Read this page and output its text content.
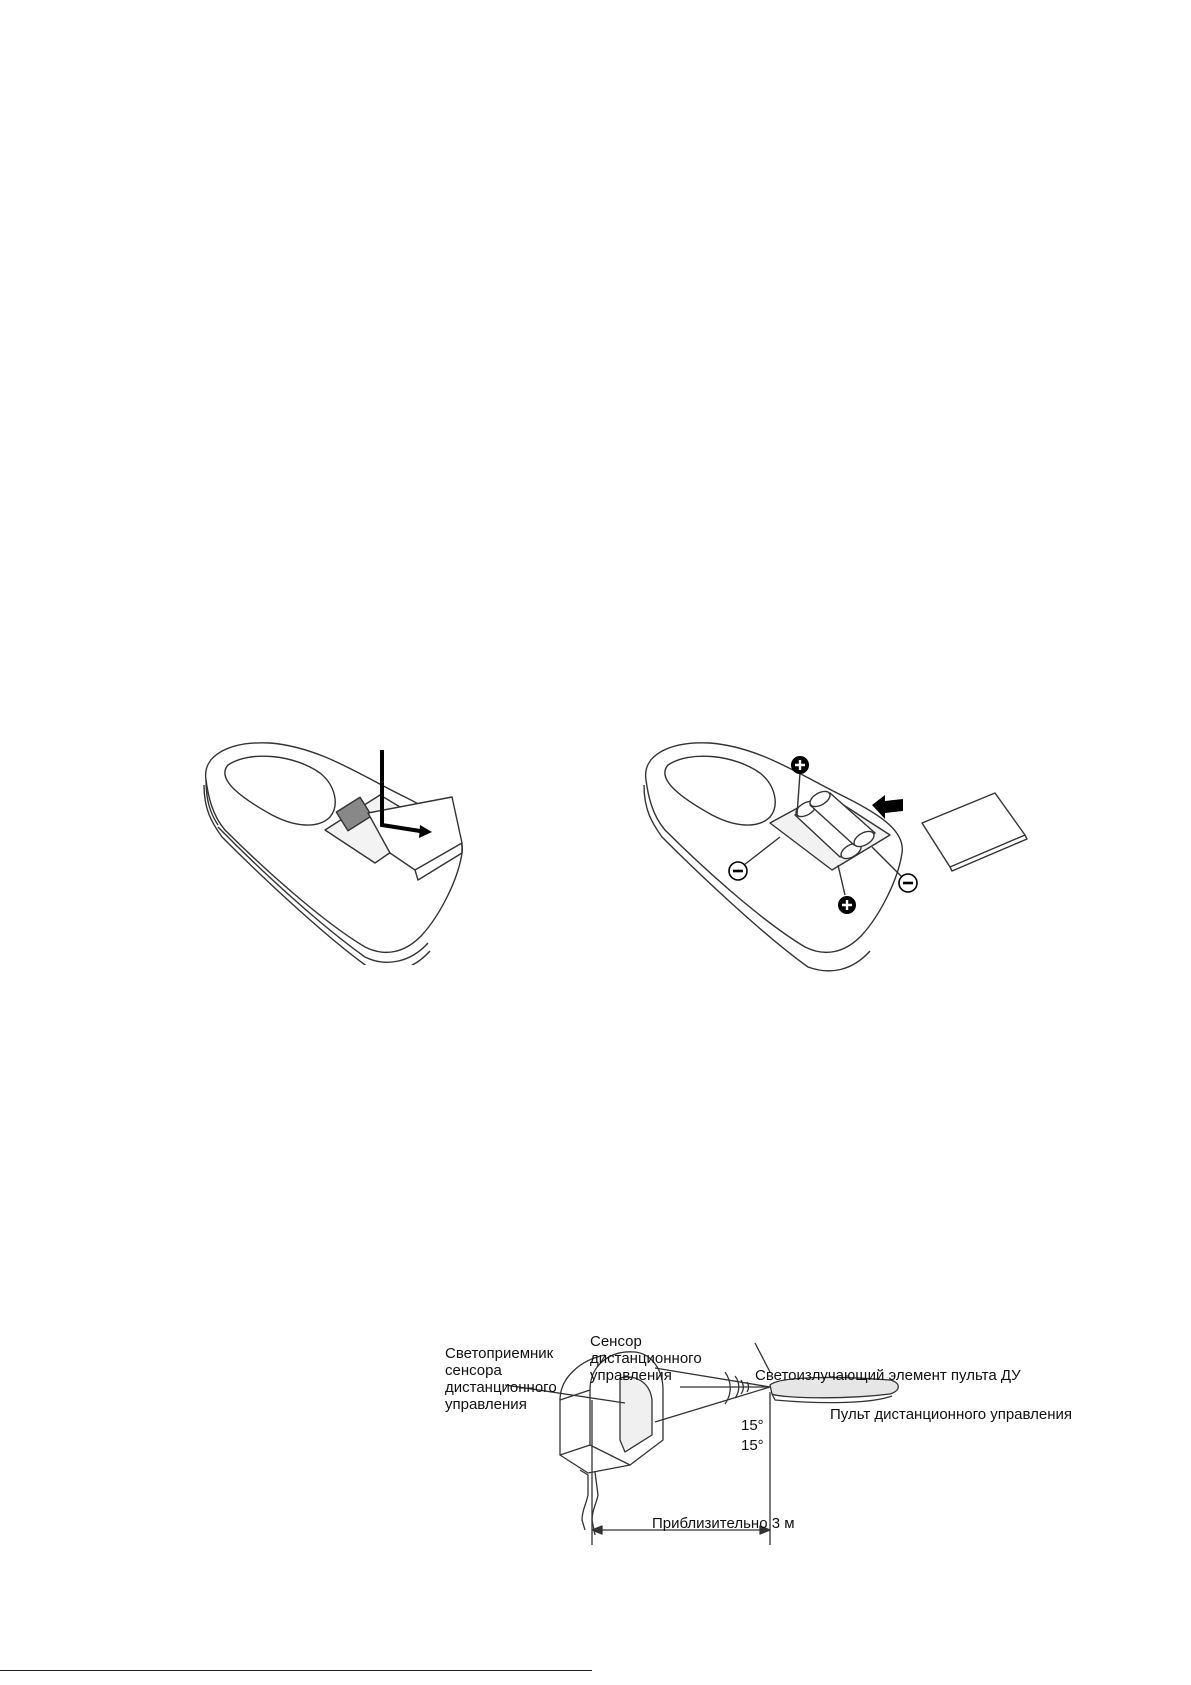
Светоприемник
сенсора
дистанционного
управления
Сенсор
дистанционного
управления	Светоизлучающий элемент пульта ДУ
Пульт дистанционного управления
15°
15°
Приблизительно 3 м
